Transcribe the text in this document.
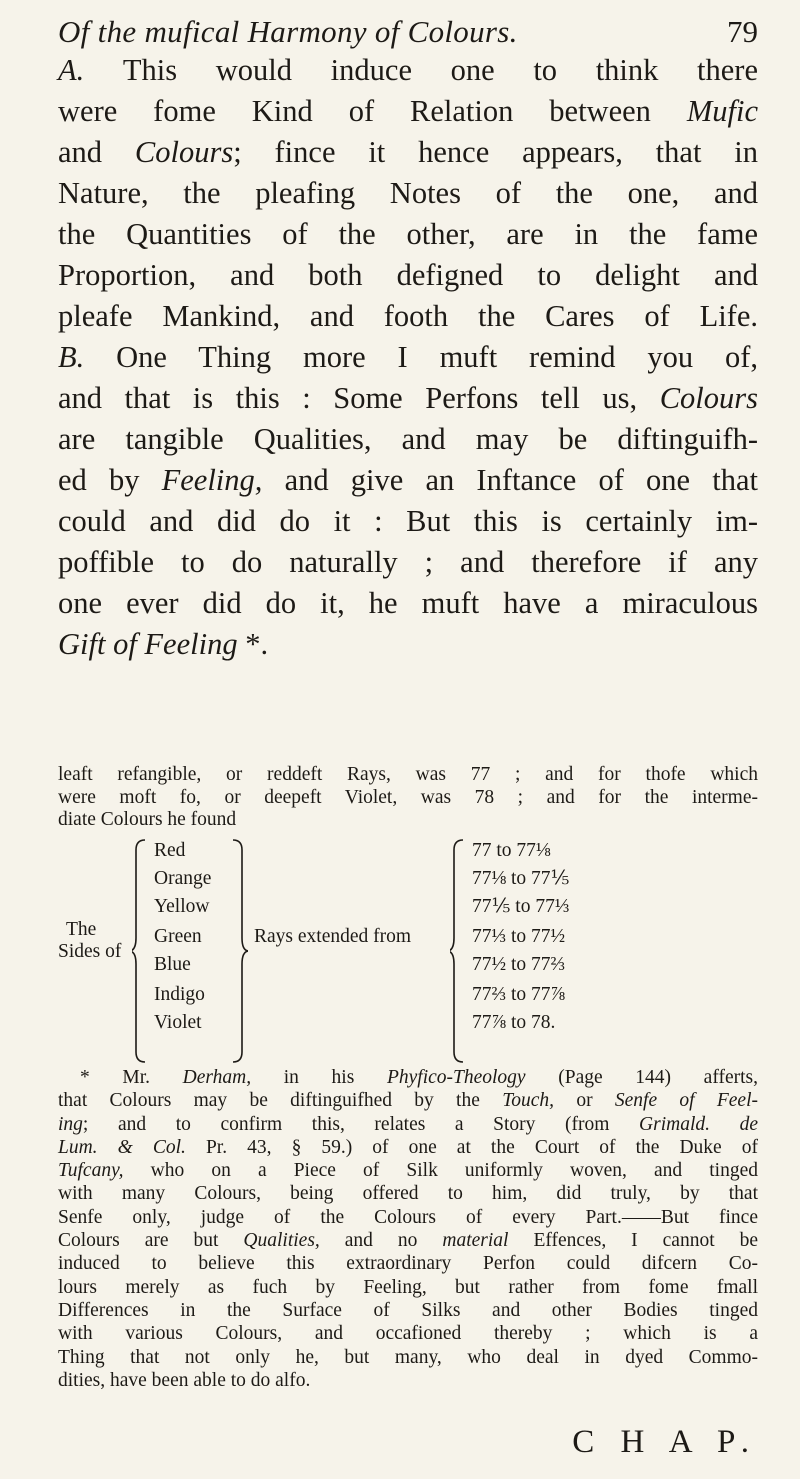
Of the mufical Harmony of Colours.	79
A. This would induce one to think there
were fome Kind of Relation between Mufic
and Colours; fince it hence appears, that in
Nature, the pleafing Notes of the one, and
the Quantities of the other, are in the fame
Proportion, and both defigned to delight and
pleafe Mankind, and footh the Cares of Life.
B. One Thing more I muft remind you of,
and that is this : Some Perfons tell us, Colours
are tangible Qualities, and may be diftinguifh-
ed by Feeling, and give an Inftance of one that
could and did do it : But this is certainly im-
poffible to do naturally ; and therefore if any
one ever did do it, he muft have a miraculous
Gift of Feeling *.
leaft refangible, or reddeft Rays, was 77 ; and for thofe which
were moft fo, or deepeft Violet, was 78 ; and for the interme-
diate Colours he found
The
Sides of
Red
Orange
Yellow
Green
Blue
Indigo
Violet
Rays extended from
77 to 77⅛
77⅛ to 77⅕
77⅕ to 77⅓
77⅓ to 77½
77½ to 77⅔
77⅔ to 77⅞
77⅞ to 78.
* Mr. Derham, in his Phyfico-Theology (Page 144) afferts,
that Colours may be diftinguifhed by the Touch, or Senfe of Feel-
ing; and to confirm this, relates a Story (from Grimald. de
Lum. & Col. Pr. 43, § 59.) of one at the Court of the Duke of
Tufcany, who on a Piece of Silk uniformly woven, and tinged
with many Colours, being offered to him, did truly, by that
Senfe only, judge of the Colours of every Part.——But fince
Colours are but Qualities, and no material Effences, I cannot be
induced to believe this extraordinary Perfon could difcern Co-
lours merely as fuch by Feeling, but rather from fome fmall
Differences in the Surface of Silks and other Bodies tinged
with various Colours, and occafioned thereby ; which is a
Thing that not only he, but many, who deal in dyed Commo-
dities, have been able to do alfo.
C H A P.
